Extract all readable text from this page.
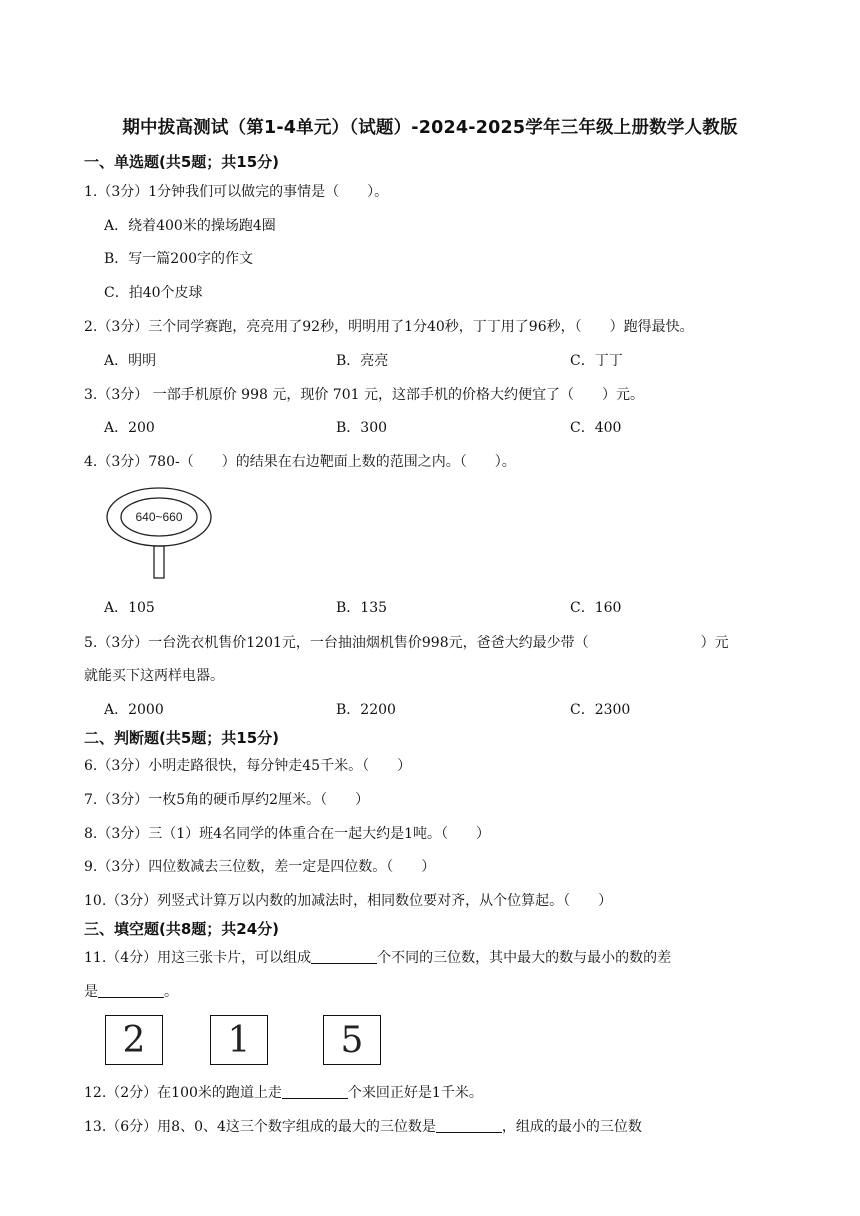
期中拔高测试（第1-4单元）（试题）-2024-2025学年三年级上册数学人教版
一、单选题(共5题；共15分)
1.（3分）1分钟我们可以做完的事情是（　　）。
A．绕着400米的操场跑4圈
B．写一篇200字的作文
C．拍40个皮球
2.（3分）三个同学赛跑，亮亮用了92秒，明明用了1分40秒，丁丁用了96秒，（　　）跑得最快。
A．明明	B．亮亮	C．丁丁
3.（3分） 一部手机原价 998 元，现价 701 元，这部手机的价格大约便宜了（　　）元。
A．200	B．300	C．400
4.（3分）780-（　　）的结果在右边靶面上数的范围之内。（　　）。
640~660
A．105	B．135	C．160
5.（3分）一台洗衣机售价1201元，一台抽油烟机售价998元，爸爸大约最少带（　　　　　　　　）元
就能买下这两样电器。
A．2000	B．2200	C．2300
二、判断题(共5题；共15分)
6.（3分）小明走路很快，每分钟走45千米。（　　）
7.（3分）一枚5角的硬币厚约2厘米。（　　）
8.（3分）三（1）班4名同学的体重合在一起大约是1吨。（　　）
9.（3分）四位数减去三位数，差一定是四位数。（　　）
10.（3分）列竖式计算万以内数的加减法时，相同数位要对齐，从个位算起。（　　）
三、填空题(共8题；共24分)
11.（4分）用这三张卡片，可以组成	个不同的三位数，其中最大的数与最小的数的差
是	。
2	1	5
12.（2分）在100米的跑道上走	个来回正好是1千米。
13.（6分）用8、0、4这三个数字组成的最大的三位数是	，组成的最小的三位数
